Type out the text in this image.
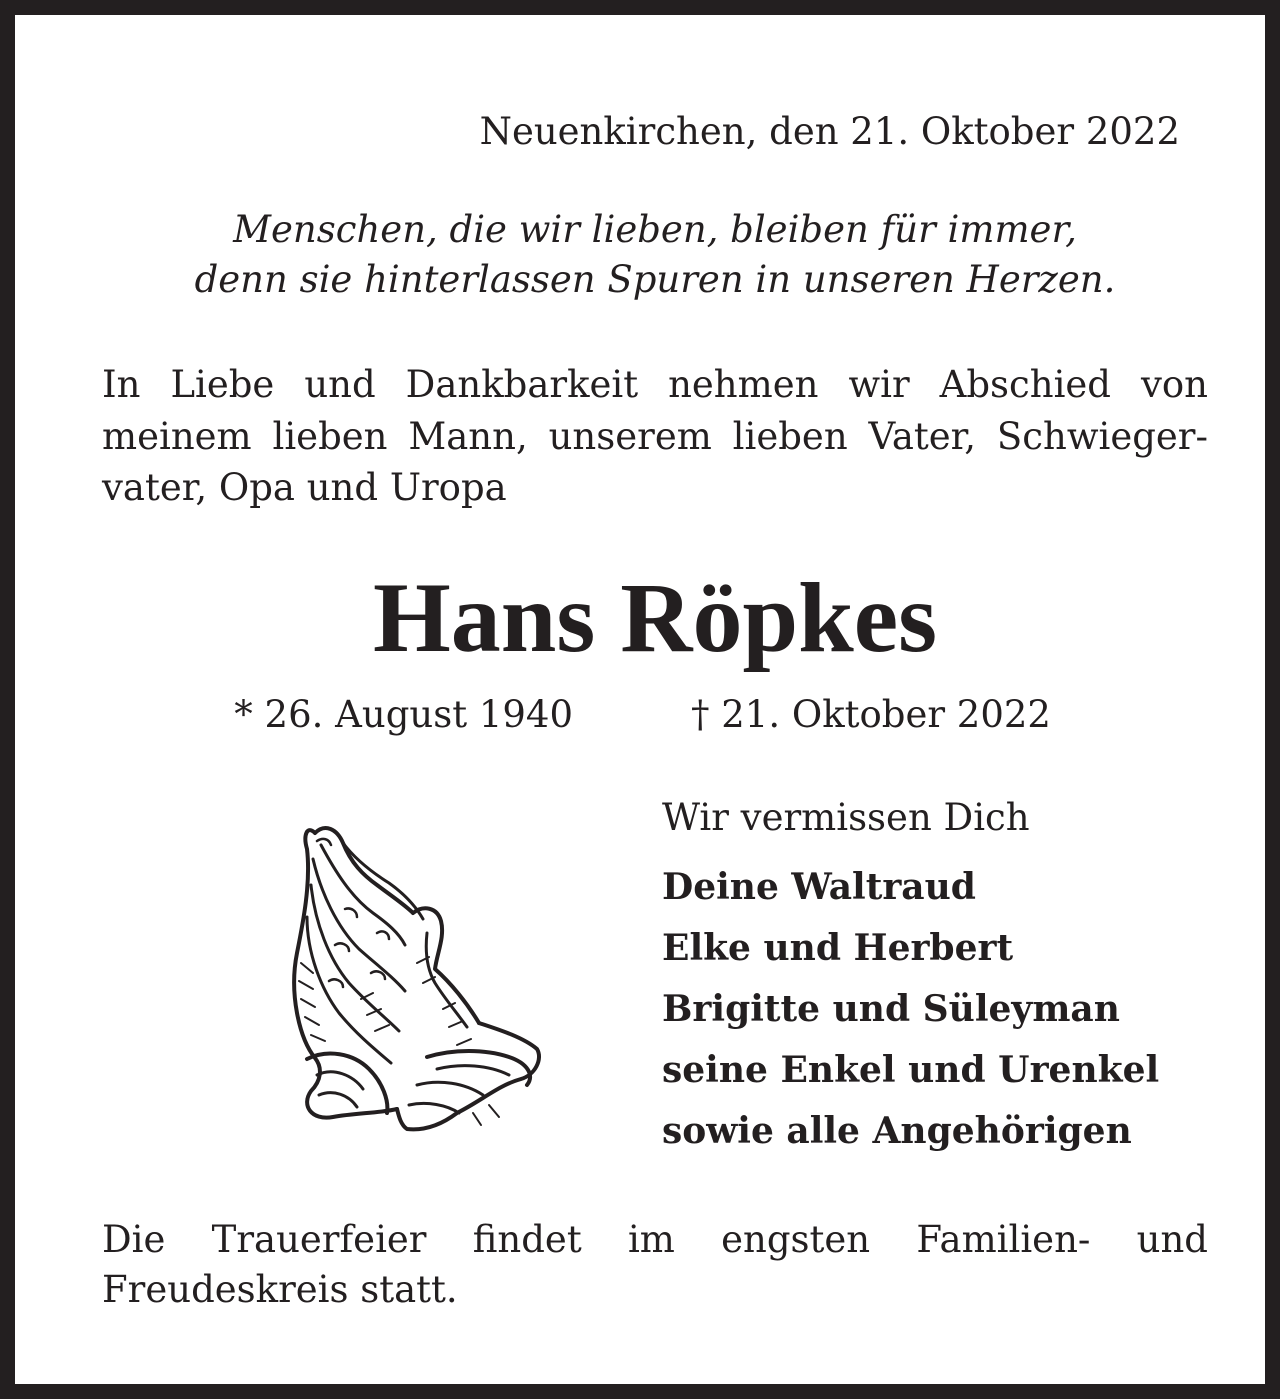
Neuenkirchen, den 21. Oktober 2022

Menschen, die wir lieben, bleiben für immer,

denn sie hinterlassen Spuren in unseren Herzen.

In Liebe und Dankbarkeit nehmen wir Abschied von

meinem lieben Mann, unserem lieben Vater, Schwieger-

vater, Opa und Uropa

Hans Röpkes

* 26. August 1940	† 21. Oktober 2022

Wir vermissen Dich

Deine Waltraud

Elke und Herbert

Brigitte und Süleyman

seine Enkel und Urenkel

sowie alle Angehörigen

Die Trauerfeier findet im engsten Familien- und

Freudeskreis statt.
